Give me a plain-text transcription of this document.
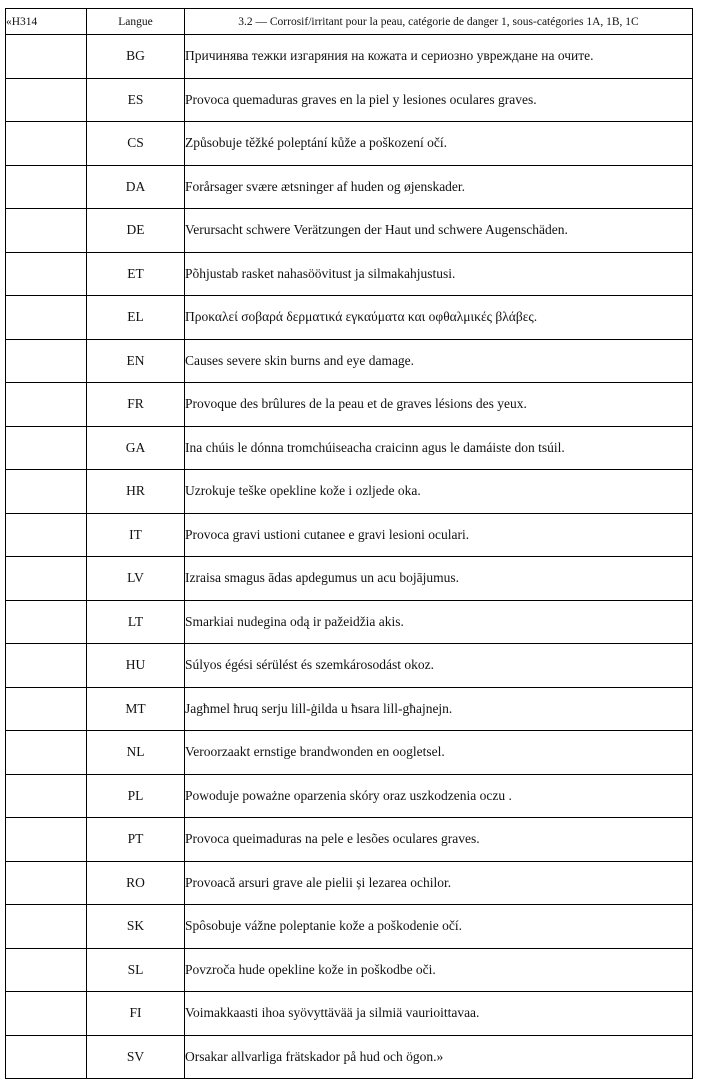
«H314	Langue	3.2 — Corrosif/irritant pour la peau, catégorie de danger 1, sous-catégories 1A, 1B, 1C
	BG	Причинява тежки изгаряния на кожата и сериозно увреждане на очите.
	ES	Provoca quemaduras graves en la piel y lesiones oculares graves.
	CS	Způsobuje těžké poleptání kůže a poškození očí.
	DA	Forårsager svære ætsninger af huden og øjenskader.
	DE	Verursacht schwere Verätzungen der Haut und schwere Augenschäden.
	ET	Põhjustab rasket nahasöövitust ja silmakahjustusi.
	EL	Προκαλεί σοβαρά δερματικά εγκαύματα και οφθαλμικές βλάβες.
	EN	Causes severe skin burns and eye damage.
	FR	Provoque des brûlures de la peau et de graves lésions des yeux.
	GA	Ina chúis le dónna tromchúiseacha craicinn agus le damáiste don tsúil.
	HR	Uzrokuje teške opekline kože i ozljede oka.
	IT	Provoca gravi ustioni cutanee e gravi lesioni oculari.
	LV	Izraisa smagus ādas apdegumus un acu bojājumus.
	LT	Smarkiai nudegina odą ir pažeidžia akis.
	HU	Súlyos égési sérülést és szemkárosodást okoz.
	MT	Jagħmel ħruq serju lill-ġilda u ħsara lill-għajnejn.
	NL	Veroorzaakt ernstige brandwonden en oogletsel.
	PL	Powoduje poważne oparzenia skóry oraz uszkodzenia oczu .
	PT	Provoca queimaduras na pele e lesões oculares graves.
	RO	Provoacă arsuri grave ale pielii și lezarea ochilor.
	SK	Spôsobuje vážne poleptanie kože a poškodenie očí.
	SL	Povzroča hude opekline kože in poškodbe oči.
	FI	Voimakkaasti ihoa syövyttävää ja silmiä vaurioittavaa.
	SV	Orsakar allvarliga frätskador på hud och ögon.»
